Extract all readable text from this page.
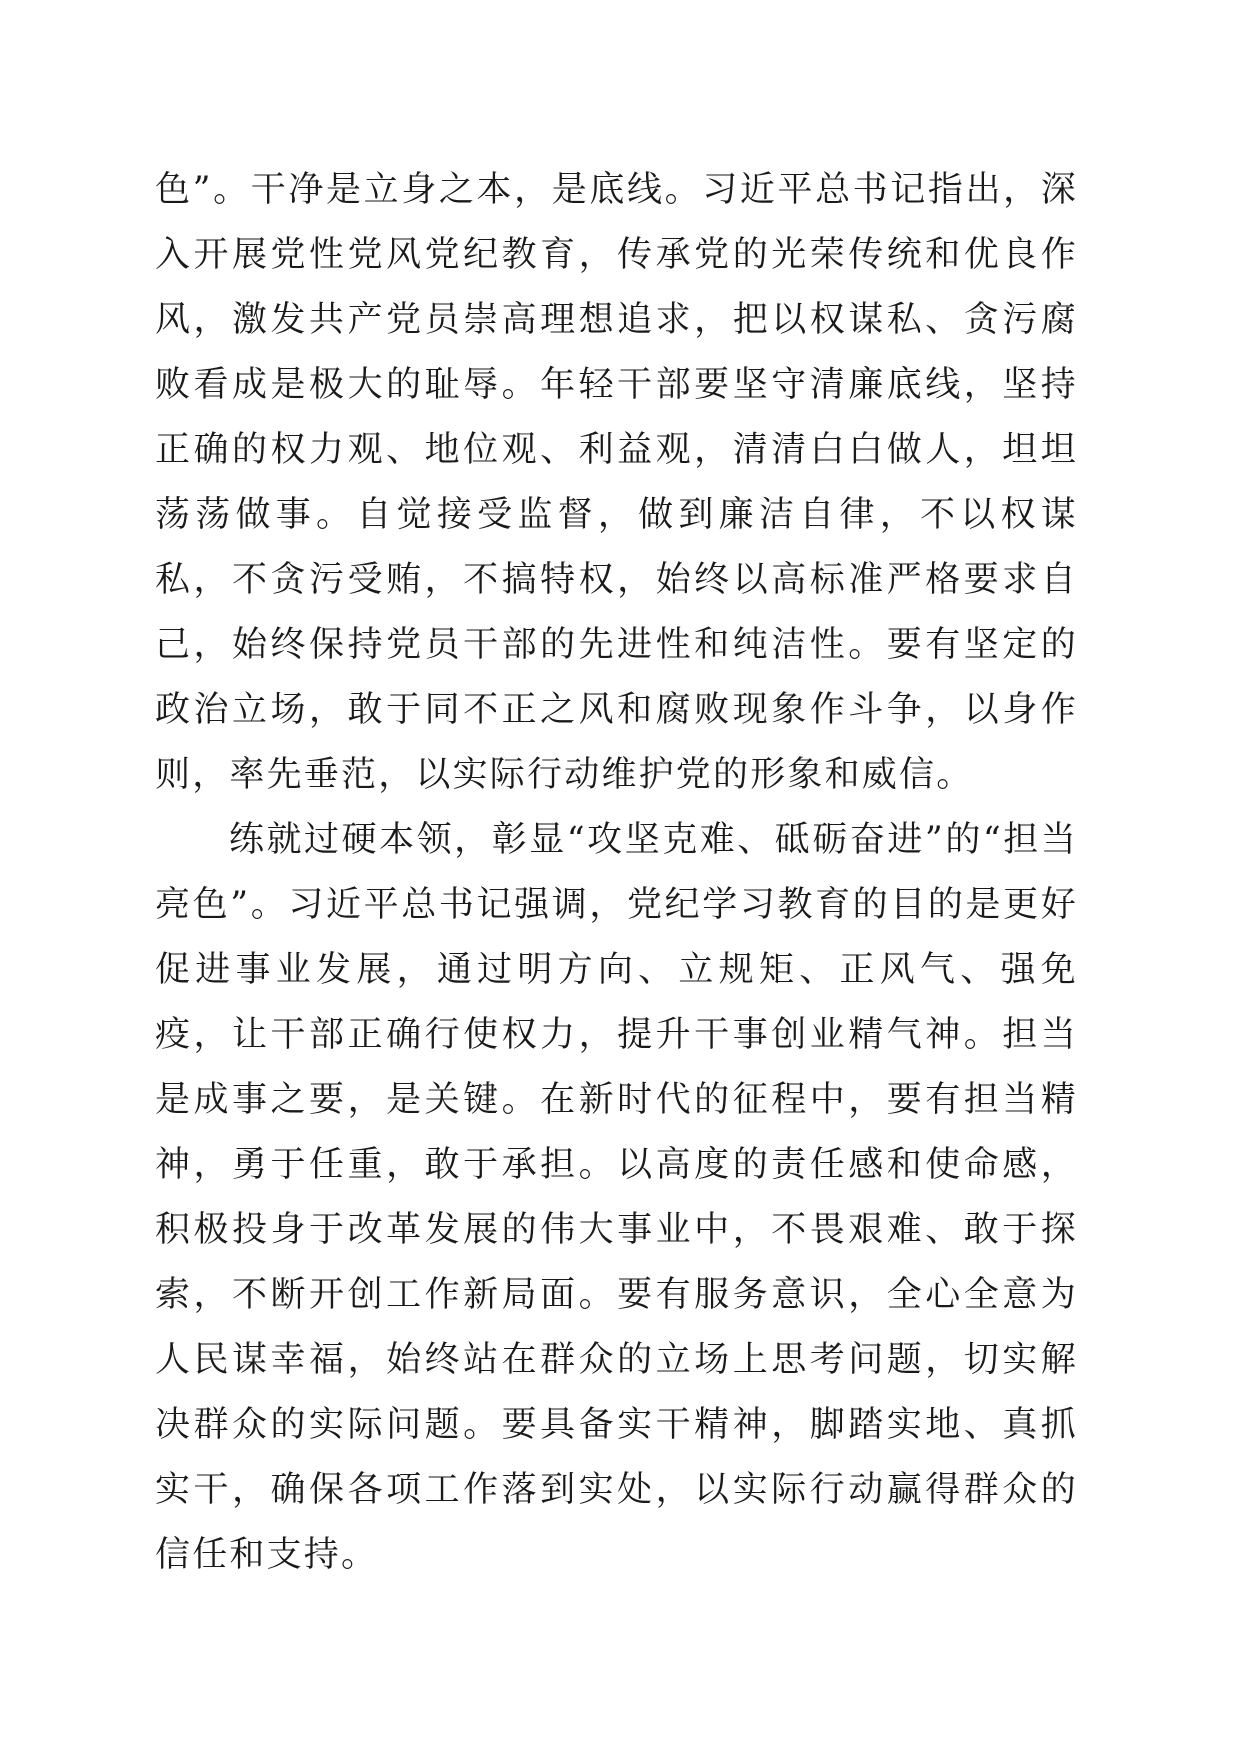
色”。干净是立身之本，是底线。习近平总书记指出，深入开展党性党风党纪教育，传承党的光荣传统和优良作风，激发共产党员崇高理想追求，把以权谋私、贪污腐败看成是极大的耻辱。年轻干部要坚守清廉底线，坚持正确的权力观、地位观、利益观，清清白白做人，坦坦荡荡做事。自觉接受监督，做到廉洁自律，不以权谋私，不贪污受贿，不搞特权，始终以高标准严格要求自己，始终保持党员干部的先进性和纯洁性。要有坚定的政治立场，敢于同不正之风和腐败现象作斗争，以身作则，率先垂范，以实际行动维护党的形象和威信。

练就过硬本领，彰显“攻坚克难、砥砺奋进”的“担当亮色”。习近平总书记强调，党纪学习教育的目的是更好促进事业发展，通过明方向、立规矩、正风气、强免疫，让干部正确行使权力，提升干事创业精气神。担当是成事之要，是关键。在新时代的征程中，要有担当精神，勇于任重，敢于承担。以高度的责任感和使命感，积极投身于改革发展的伟大事业中，不畏艰难、敢于探索，不断开创工作新局面。要有服务意识，全心全意为人民谋幸福，始终站在群众的立场上思考问题，切实解决群众的实际问题。要具备实干精神，脚踏实地、真抓实干，确保各项工作落到实处，以实际行动赢得群众的信任和支持。
